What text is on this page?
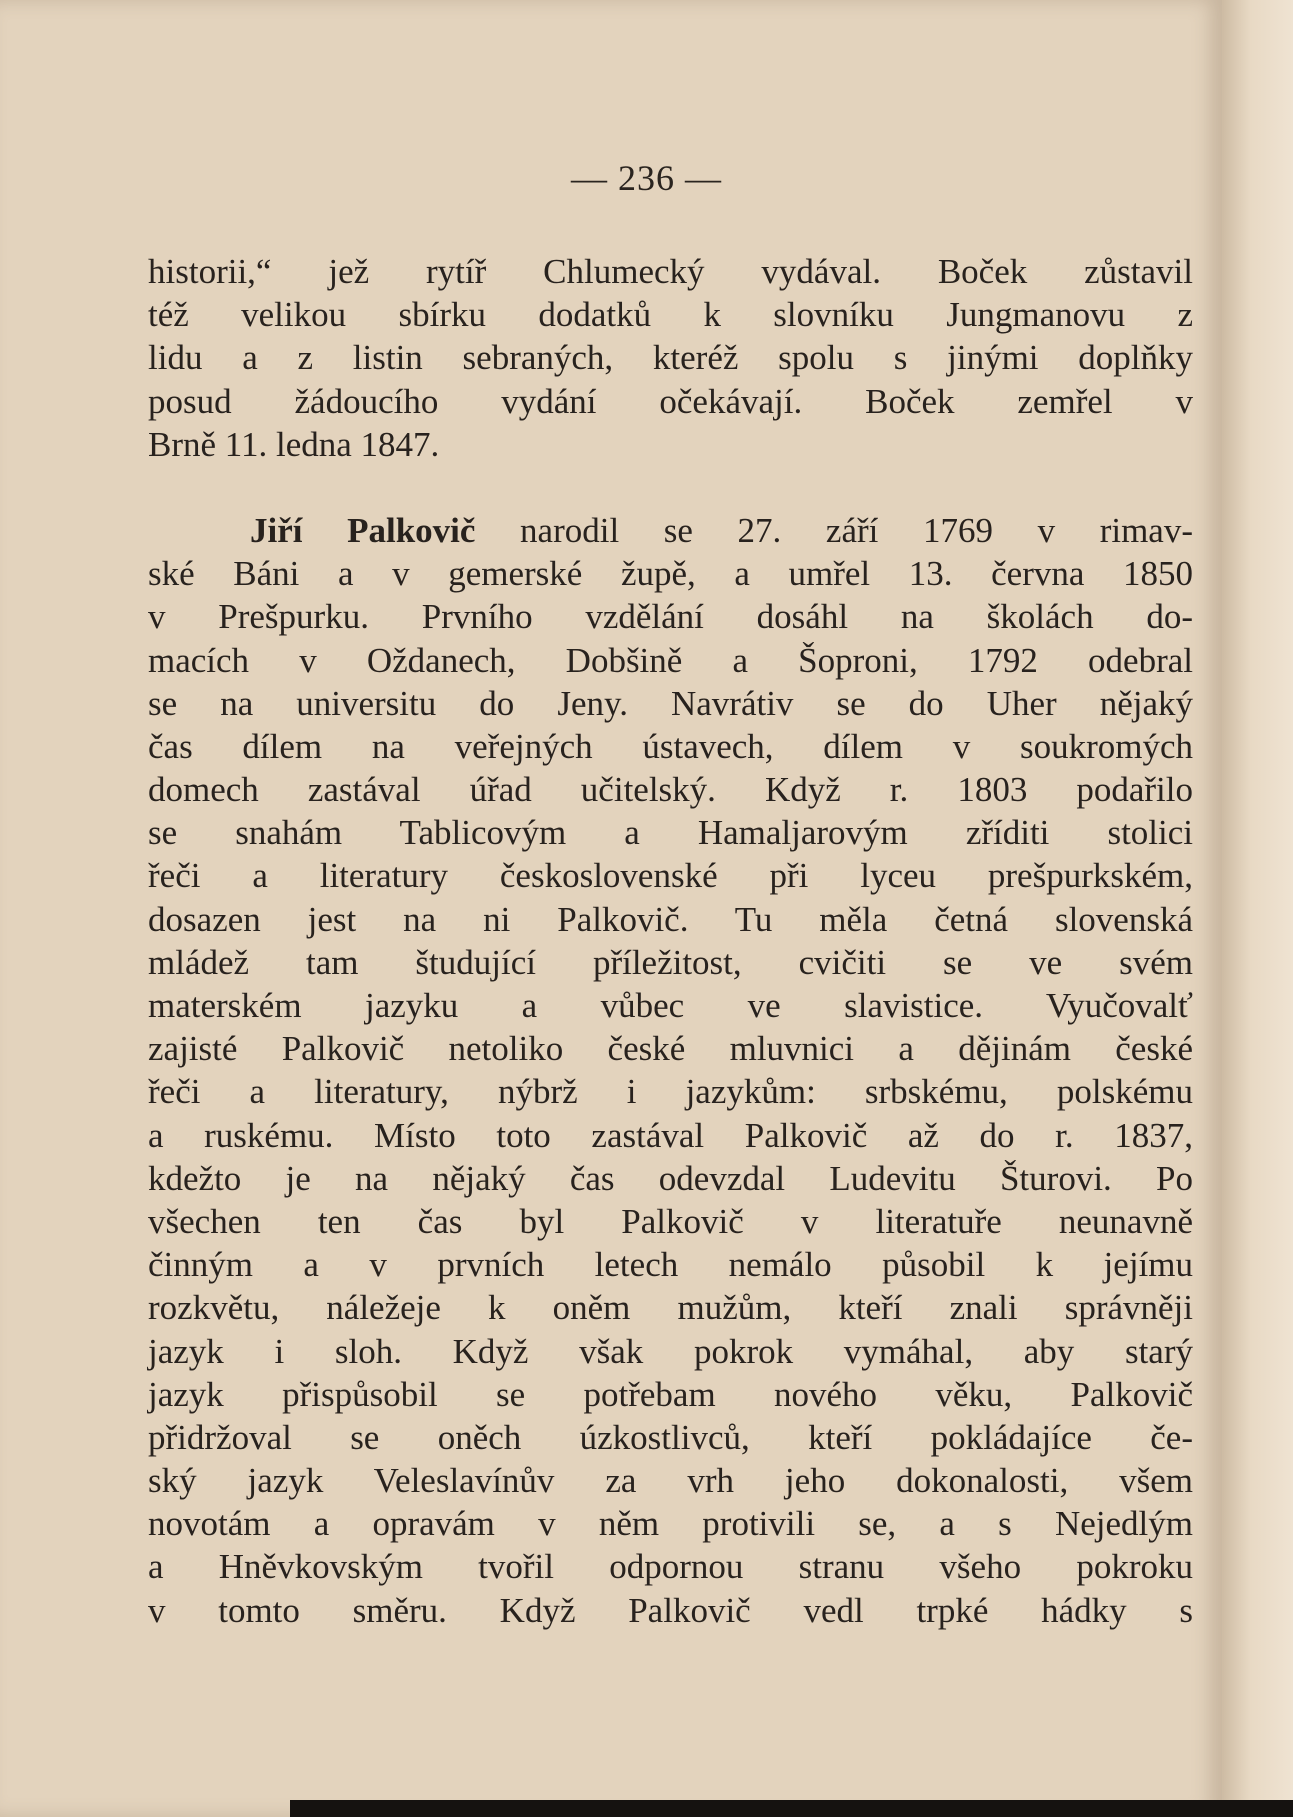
— 236 —
historii,“ jež rytíř Chlumecký vydával. Boček zůstavil
též velikou sbírku dodatků k slovníku Jungmanovu z
lidu a z listin sebraných, kteréž spolu s jinými doplňky
posud žádoucího vydání očekávají. Boček zemřel v
Brně 11. ledna 1847.
Jiří Palkovič narodil se 27. září 1769 v rimav-
ské Báni a v gemerské župě, a umřel 13. června 1850
v Prešpurku. Prvního vzdělání dosáhl na školách do-
macích v Oždanech, Dobšině a Šoproni, 1792 odebral
se na universitu do Jeny. Navrátiv se do Uher nějaký
čas dílem na veřejných ústavech, dílem v soukromých
domech zastával úřad učitelský. Když r. 1803 podařilo
se snahám Tablicovým a Hamaljarovým zříditi stolici
řeči a literatury československé při lyceu prešpurkském,
dosazen jest na ni Palkovič. Tu měla četná slovenská
mládež tam študující příležitost, cvičiti se ve svém
materském jazyku a vůbec ve slavistice. Vyučovalť
zajisté Palkovič netoliko české mluvnici a dějinám české
řeči a literatury, nýbrž i jazykům: srbskému, polskému
a ruskému. Místo toto zastával Palkovič až do r. 1837,
kdežto je na nějaký čas odevzdal Ludevitu Šturovi. Po
všechen ten čas byl Palkovič v literatuře neunavně
činným a v prvních letech nemálo působil k jejímu
rozkvětu, náležeje k oněm mužům, kteří znali správněji
jazyk i sloh. Když však pokrok vymáhal, aby starý
jazyk přispůsobil se potřebam nového věku, Palkovič
přidržoval se oněch úzkostlivců, kteří pokládajíce če-
ský jazyk Veleslavínův za vrh jeho dokonalosti, všem
novotám a opravám v něm protivili se, a s Nejedlým
a Hněvkovským tvořil odpornou stranu všeho pokroku
v tomto směru. Když Palkovič vedl trpké hádky s
